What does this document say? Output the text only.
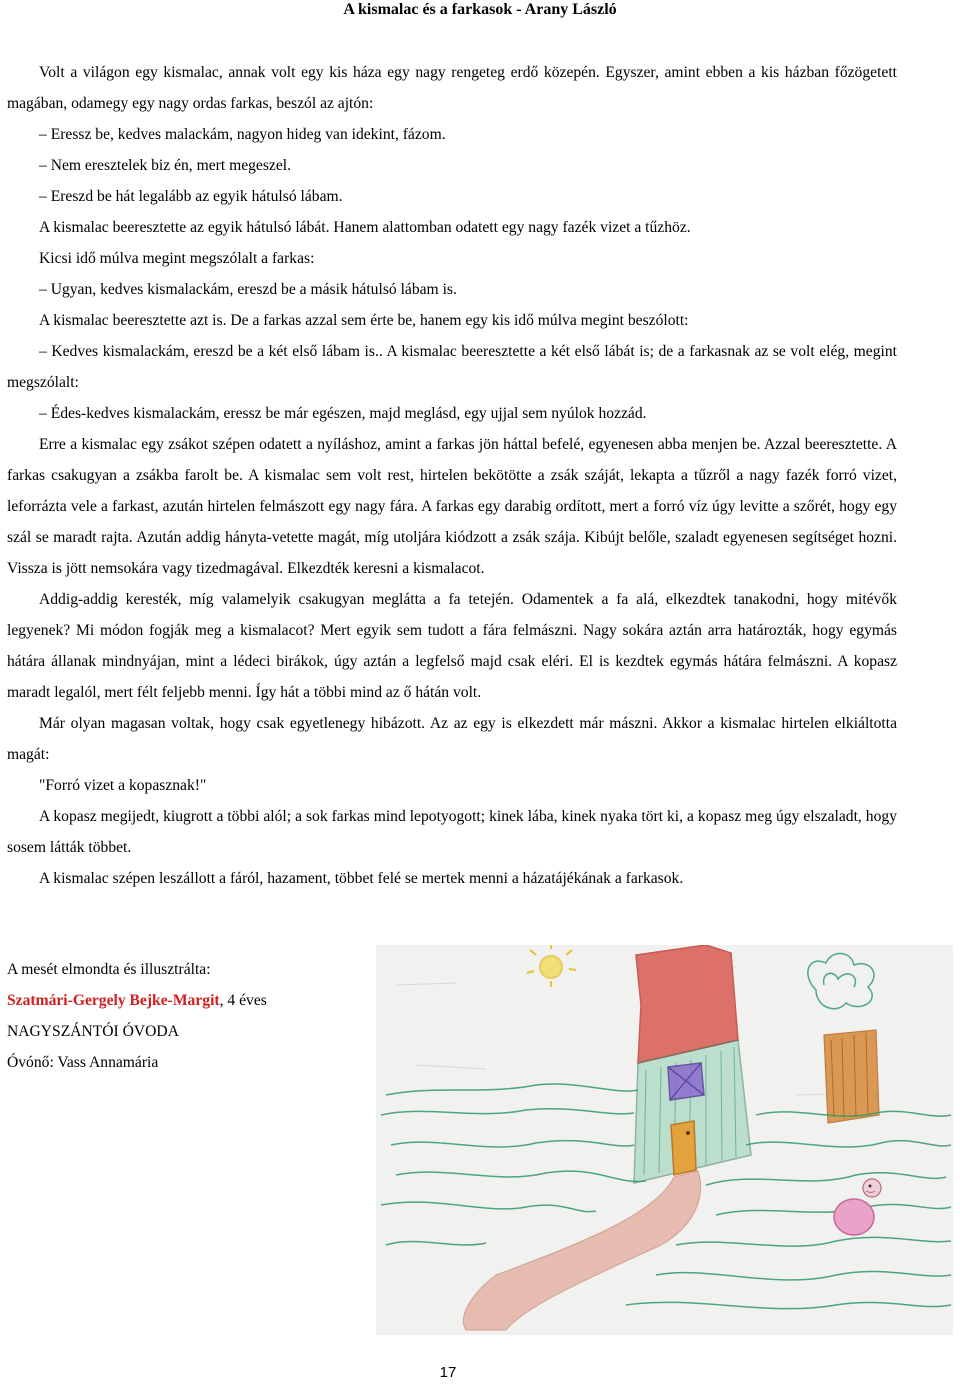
A kismalac és a farkasok - Arany László

Volt a világon egy kismalac, annak volt egy kis háza egy nagy rengeteg erdő közepén. Egyszer, amint ebben a kis házban főzögetett magában, odamegy egy nagy ordas farkas, beszól az ajtón:

– Eressz be, kedves malackám, nagyon hideg van idekint, fázom.

– Nem eresztelek biz én, mert megeszel.

– Ereszd be hát legalább az egyik hátulsó lábam.

A kismalac beeresztette az egyik hátulsó lábát. Hanem alattomban odatett egy nagy fazék vizet a tűzhöz.

Kicsi idő múlva megint megszólalt a farkas:

– Ugyan, kedves kismalackám, ereszd be a másik hátulsó lábam is.

A kismalac beeresztette azt is. De a farkas azzal sem érte be, hanem egy kis idő múlva megint beszólott:

– Kedves kismalackám, ereszd be a két első lábam is.. A kismalac beeresztette a két első lábát is; de a farkasnak az se volt elég, megint megszólalt:

– Édes-kedves kismalackám, eressz be már egészen, majd meglásd, egy ujjal sem nyúlok hozzád.

Erre a kismalac egy zsákot szépen odatett a nyíláshoz, amint a farkas jön háttal befelé, egyenesen abba menjen be. Azzal beeresztette. A farkas csakugyan a zsákba farolt be. A kismalac sem volt rest, hirtelen bekötötte a zsák száját, lekapta a tűzről a nagy fazék forró vizet, leforrázta vele a farkast, azután hirtelen felmászott egy nagy fára. A farkas egy darabig ordított, mert a forró víz úgy levitte a szőrét, hogy egy szál se maradt rajta. Azután addig hányta-vetette magát, míg utoljára kiódzott a zsák szája. Kibújt belőle, szaladt egyenesen segítséget hozni. Vissza is jött nemsokára vagy tizedmagával. Elkezdték keresni a kismalacot.

Addig-addig keresték, míg valamelyik csakugyan meglátta a fa tetején. Odamentek a fa alá, elkezdtek tanakodni, hogy mitévők legyenek? Mi módon fogják meg a kismalacot? Mert egyik sem tudott a fára felmászni. Nagy sokára aztán arra határozták, hogy egymás hátára állanak mindnyájan, mint a lédeci birákok, úgy aztán a legfelső majd csak eléri. El is kezdtek egymás hátára felmászni. A kopasz maradt legalól, mert félt feljebb menni. Így hát a többi mind az ő hátán volt.

Már olyan magasan voltak, hogy csak egyetlenegy hibázott. Az az egy is elkezdett már mászni. Akkor a kismalac hirtelen elkiáltotta magát:

"Forró vizet a kopasznak!"

A kopasz megijedt, kiugrott a többi alól; a sok farkas mind lepotyogott; kinek lába, kinek nyaka tört ki, a kopasz meg úgy elszaladt, hogy sosem látták többet.

A kismalac szépen leszállott a fáról, hazament, többet felé se mertek menni a házatájékának a farkasok.

A mesét elmondta és illusztrálta:
Szatmári-Gergely Bejke-Margit, 4 éves
NAGYSZÁNTÓI ÓVODA
Óvónő: Vass Annamária
17
